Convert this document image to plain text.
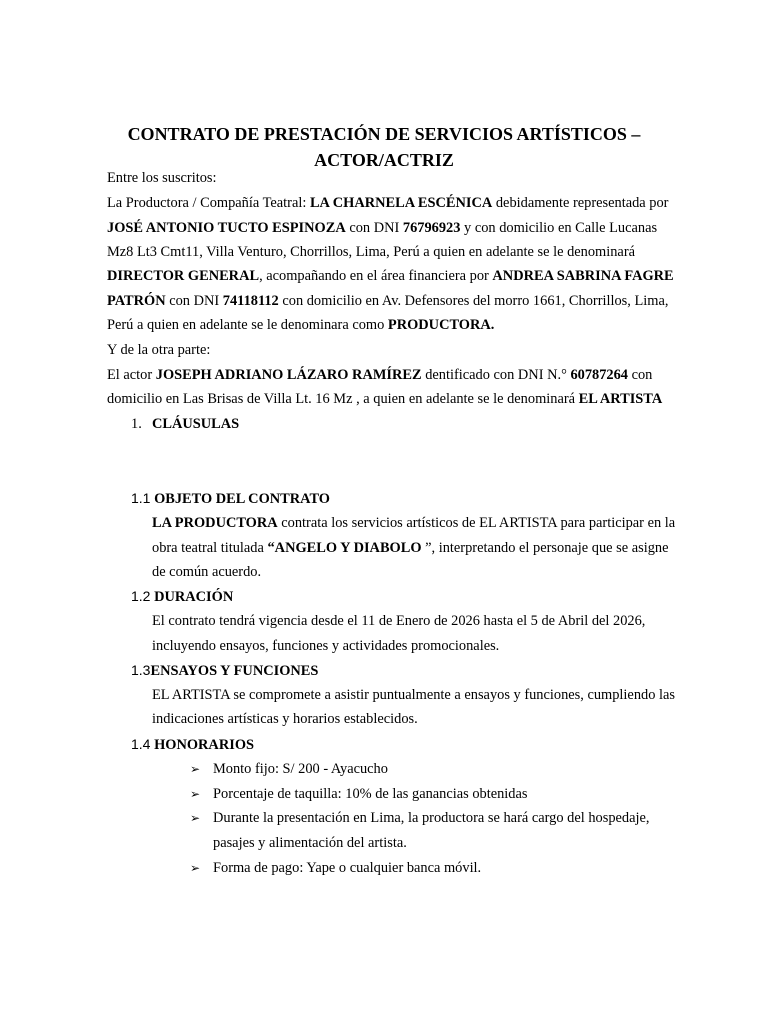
CONTRATO DE PRESTACIÓN DE SERVICIOS ARTÍSTICOS –
ACTOR/ACTRIZ
Entre los suscritos:
La Productora / Compañía Teatral: LA CHARNELA ESCÉNICA debidamente representada por
JOSÉ ANTONIO TUCTO ESPINOZA con DNI 76796923 y con domicilio en Calle Lucanas
Mz8 Lt3 Cmt11, Villa Venturo, Chorrillos, Lima, Perú a quien en adelante se le denominará
DIRECTOR GENERAL, acompañando en el área financiera por ANDREA SABRINA FAGRE
PATRÓN con DNI 74118112 con domicilio en Av. Defensores del morro 1661, Chorrillos, Lima,
Perú a quien en adelante se le denominara como PRODUCTORA.
Y de la otra parte:
El actor JOSEPH ADRIANO LÁZARO RAMÍREZ dentificado con DNI N.° 60787264 con
domicilio en Las Brisas de Villa Lt. 16 Mz , a quien en adelante se le denominará EL ARTISTA
1. CLÁUSULAS
1.1 OBJETO DEL CONTRATO
LA PRODUCTORA contrata los servicios artísticos de EL ARTISTA para participar en la
obra teatral titulada “ANGELO Y DIABOLO ”, interpretando el personaje que se asigne
de común acuerdo.
1.2 DURACIÓN
El contrato tendrá vigencia desde el 11 de Enero de 2026 hasta el 5 de Abril del 2026,
incluyendo ensayos, funciones y actividades promocionales.
1.3ENSAYOS Y FUNCIONES
EL ARTISTA se compromete a asistir puntualmente a ensayos y funciones, cumpliendo las
indicaciones artísticas y horarios establecidos.
1.4 HONORARIOS
➢ Monto fijo: S/ 200 - Ayacucho
➢ Porcentaje de taquilla: 10% de las ganancias obtenidas
➢ Durante la presentación en Lima, la productora se hará cargo del hospedaje,
pasajes y alimentación del artista.
➢ Forma de pago: Yape o cualquier banca móvil.
